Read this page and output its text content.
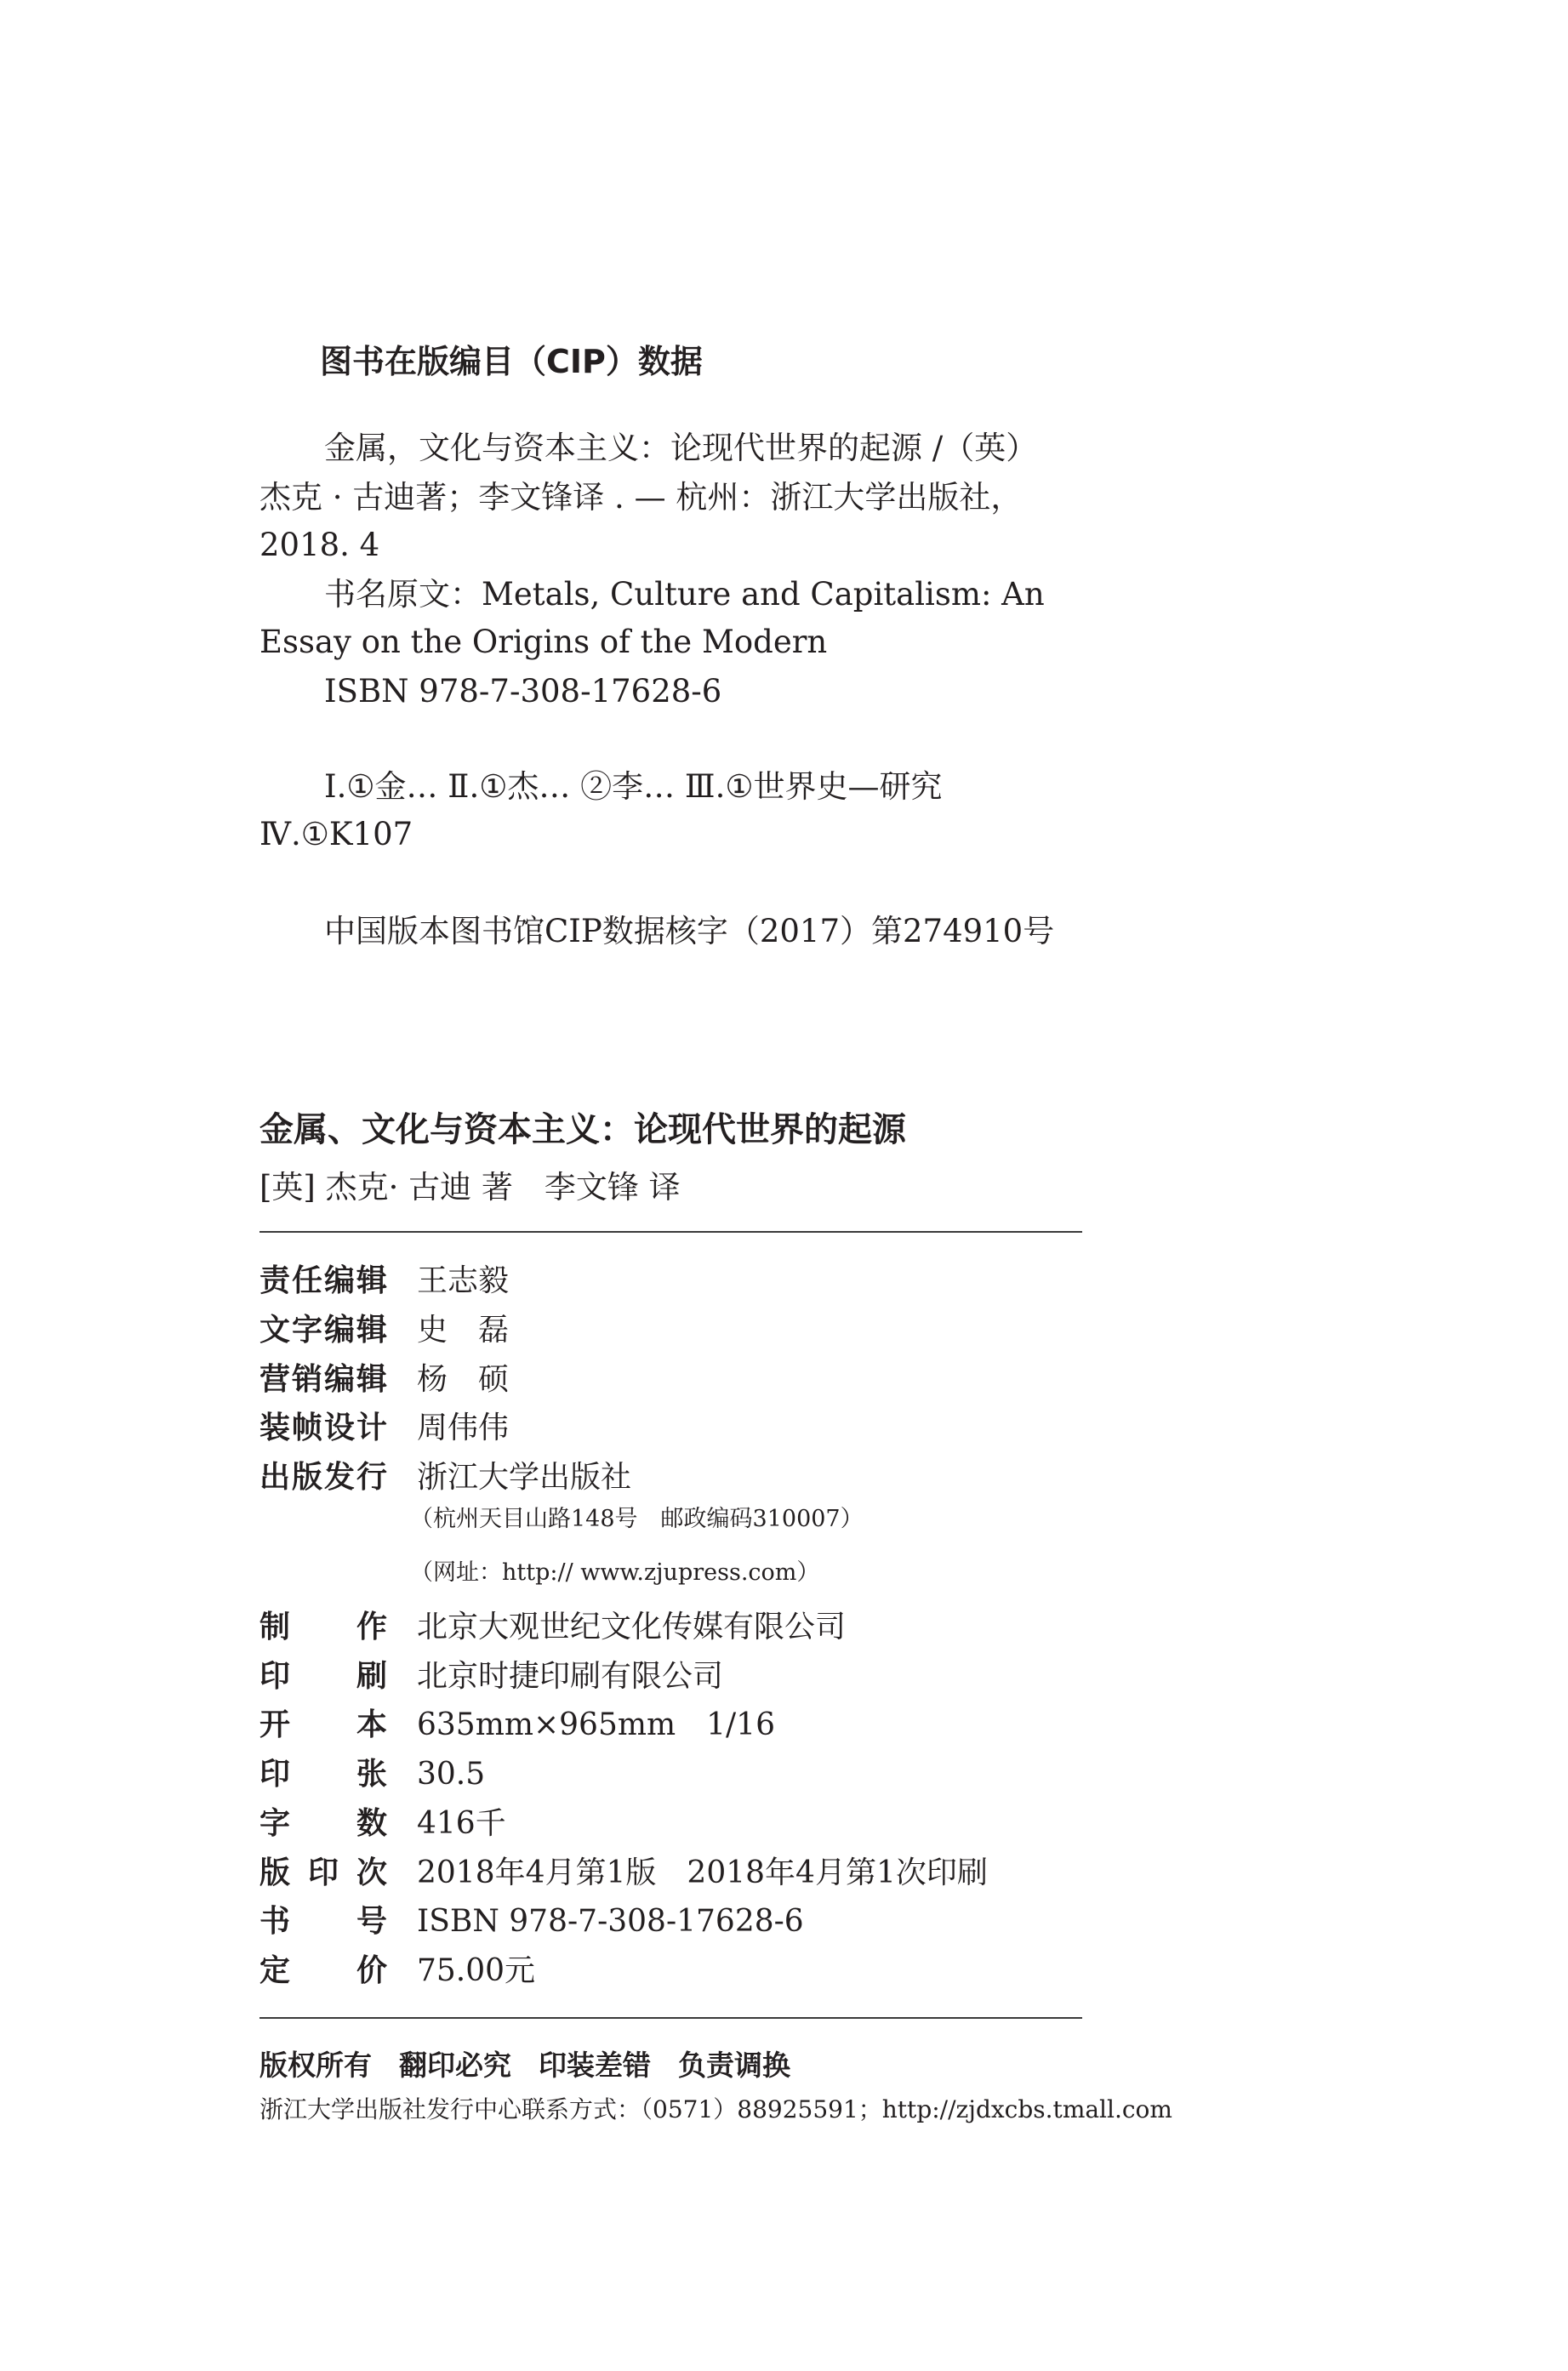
图书在版编目（CIP）数据
金属，文化与资本主义：论现代世界的起源 /（英）
杰克 · 古迪著；李文锋译 . — 杭州：浙江大学出版社，
2018. 4
书名原文：Metals, Culture and Capitalism: An
Essay on the Origins of the Modern
ISBN 978-7-308-17628-6
Ⅰ.①金… Ⅱ.①杰… ②李… Ⅲ.①世界史—研究
Ⅳ.①K107
中国版本图书馆CIP数据核字（2017）第274910号
金属、文化与资本主义：论现代世界的起源
[英] 杰克· 古迪 著　李文锋 译
责 任 编 辑 王志毅
文 字 编 辑 史　磊
营 销 编 辑 杨　硕
装 帧 设 计 周伟伟
出 版 发 行 浙江大学出版社
制 作 北京大观世纪文化传媒有限公司
印 刷 北京时捷印刷有限公司
开 本 635mm×965mm　1/16
印 张 30.5
字 数 416千
版 印 次 2018年4月第1版　2018年4月第1次印刷
书 号 ISBN 978-7-308-17628-6
定 价 75.00元
（杭州天目山路148号　邮政编码310007）
（网址：http:// www.zjupress.com）
版权所有 翻印必究 印装差错 负责调换
浙江大学出版社发行中心联系方式：（0571）88925591；http://zjdxcbs.tmall.com
